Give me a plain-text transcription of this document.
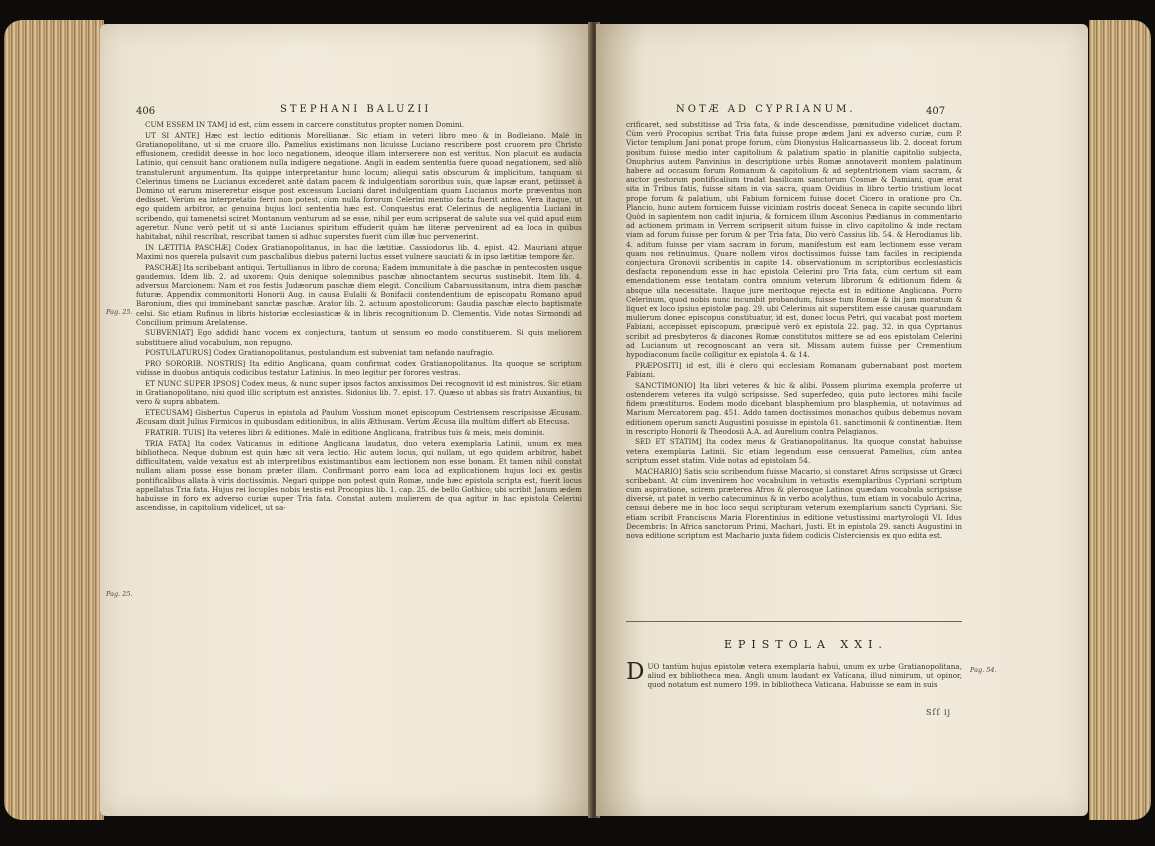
406	STEPHANI BALUZII
Pag. 25.
Pag. 25.

CUM ESSEM IN TAM] id est, cùm essem in carcere constitutus propter nomen Domini.

UT SI ANTE] Hæc est lectio editionis Morellianæ. Sic etiam in veteri libro meo & in Bodleiano. Malè in Gratianopolitano, ut si me cruore illo. Pamelius existimans non licuisse Luciano rescribere post cruorem pro Christo effusionem, credidit deesse in hoc loco negationem, ideoque illam interserere non est veritus. Non placuit ea audacia Latinio, qui censuit hanc orationem nulla indigere negatione. Angli in eadem sententia fuere quoad negationem, sed aliò transtulerunt argumentum. Ita quippe interpretantur hunc locum; aliequi satis obscurum & implicitum, tanquam si Celerinus timens ne Lucianus excederet antè datam pacem & indulgentiam sororibus suis, quæ lapsæ erant, petiisset à Domino ut earum misereretur eisque post excessum Luciani daret indulgentiam quam Lucianus morte præventus non dedisset. Verùm ea interpretatio ferri non potest, cùm nulla fororum Celerini mentio facta fuerit antea. Vera itaque, ut ego quidem arbitror, ac genuina hujus loci sententia hæc est. Conquestus erat Celerinus de negligentia Luciani in scribendo, qui tamenetsi sciret Montanum venturum ad se esse, nihil per eum scripserat de salute sua vel quid apud eum ageretur. Nunc verò petit ut si antè Lucianus spiritum effuderit quàm hæ literæ pervenirent ad ea loca in quibus habitabat, nihil rescribat, rescribat tamen si adhuc superstes fuerit cùm illæ huc pervenerint.

IN LÆTITIA PASCHÆ] Codex Gratianopolitanus, in hac die lætitiæ. Cassiodorus lib. 4. epist. 42. Mauriani atque Maximi nos querela pulsavit cum paschalibus diebus paterni luctus esset vulnere sauciati & in ipso lætitiæ tempore &c.

PASCHÆ] Ita scribebant antiqui. Tertullianus in libro de corona; Eadem immunitate à die paschæ in pentecosten usque gaudemus. Idem lib. 2. ad uxorem: Quis denique solemnibus paschæ abnoctantem securus sustinebit. Item lib. 4. adversus Marcionem: Nam et ros festis Judæorum paschæ diem elegit. Concilium Cabarsussitanum, intra diem paschæ futuræ. Appendix commonitorii Honorii Aug. in causa Eulalii & Bonifacii contendentium de episcopatu Romano apud Baronium, dies qui imminebant sanctæ paschæ. Arator lib. 2. actuum apostolicorum: Gaudia paschæ electo baptismate celsi. Sic etiam Rufinus in libris historiæ ecclesiasticæ & in libris recognitionum D. Clementis. Vide notas Sirmondi ad Concilium primum Arelatense.

SUBVENIAT] Ego addidi hanc vocem ex conjectura, tantum ut sensum eo modo constituerem. Si quis meliorem substituere aliud vocabulum, non repugno.

POSTULATURUS] Codex Gratianopolitanus, postulandum est subveniat tam nefando naufragio.

PRO SORORIB. NOSTRIS] Ita editio Anglicana, quam confirmat codex Gratianopolitanus. Ita quoque se scriptum vidisse in duobus antiquis codicibus testatur Latinius. In meo legitur per forores vestras.

ET NUNC SUPER IPSOS] Codex meus, & nunc super ipsos factos anxissimos Dei recognovit id est ministros. Sic etiam in Gratianopolitano, nisi quod illic scriptum est anxistes. Sidonius lib. 7. epist. 17. Quæso ut abbas sis fratri Auxantius, tu vero & supra abbatem.

ETECUSAM] Gisbertus Cuperus in epistola ad Paulum Vossium monet episcopum Cestriensem rescripsisse Æcusam. Æcusam dixit Julius Firmicus in quibusdam editionibus, in aliis Æthusam. Verùm Æcusa illa multùm differt ab Etecusa.

FRATRIB. TUIS] Ita veteres libri & editiones. Malè in editione Anglicana, fratribus tuis & meis, meis dominis.

TRIA FATA] Ita codex Vaticanus in editione Anglicana laudatus, duo vetera exemplaria Latinii, unum ex mea bibliotheca. Neque dubium est quin hæc sit vera lectio. Hic autem locus, qui nullam, ut ego quidem arbitror, habet difficultatem, valde vexatus est ab interpretibus existimantibus eam lectionem non esse bonam. Et tamen nihil constat nullam aliam posse esse bonam præter illam. Confirmant porro eam loca ad explicationem hujus loci ex gestis pontificalibus allata à viris doctissimis. Negari quippe non potest quin Romæ, unde hæc epistola scripta est, fuerit locus appellatus Tria fata. Hujus rei locuples nobis testis est Procopius lib. 1. cap. 25. de bello Gothico; ubi scribit Janum ædem habuisse in foro ex adverso curiæ super Tria fata. Constat autem mulierem de qua agitur in hac epistola Celerini ascendisse, in capitolium videlicet, ut sa-

NOTÆ AD CYPRIANUM.	407
Pag. 54.

crificaret, sed substitisse ad Tria fata, & inde descendisse, pœnitudine videlicet ductam. Cùm verò Procopius scribat Tria fata fuisse prope ædem Jani ex adverso curiæ, cum P. Victor templum Jani ponat prope forum, cùm Dionysius Halicarnasseus lib. 2. doceat forum positum fuisse medio inter capitolium & palatium spatio in planitie capitolio subjecta, Onuphrius autem Panvinius in descriptione urbis Romæ annotaverit montem palatinum habere ad occasum forum Romanum & capitolium & ad septentrionem viam sacram, & auctor gestorum pontificalium tradat basilicam sanctorum Cosmæ & Damiani, quæ erat sita in Tribus fatis, fuisse sitam in via sacra, quam Ovidius in libro tertio tristium locat prope forum & palatium, ubi Fabium fornicem fuisse docet Cicero in oratione pro Cn. Plancio, hunc autem fornicem fuisse viciniam rostris doceat Seneca in capite secundo libri Quòd in sapientem non cadit injuria, & fornicem illum Asconius Pædianus in commentario ad actionem primam in Verrem scripserit situm fuisse in clivo capitolino & inde rectam viam ad forum fuisse per forum & per Tria fata, Dio verò Cassius lib. 54. & Herodianus lib. 4. aditum fuisse per viam sacram in forum, manifestum est eam lectionem esse veram quam nos retinuimus. Quare nollem viros doctissimos fuisse tam faciles in recipienda conjectura Gronovii scribentis in capite 14. observationum in scriptoribus ecclesiasticis desfacta reponendum esse in hac epistola Celerini pro Tria fata, cùm certum sit eam emendationem esse tentatam contra omnium veterum librorum & editionum fidem & absque ulla necessitate. Itaque jure meritoque rejecta est in editione Anglicana. Porro Celerinum, quod nobis nunc incumbit probandum, fuisse tum Romæ & ibi jam moratum & liquet ex loco ipsius epistolæ pag. 29. ubi Celerinus ait superstitem esse causæ quarundam mulierum donec episcopus constituatur, id est, donec locus Petri, qui vacabat post mortem Fabiani, accepisset episcopum, præcipuè verò ex epistola 22. pag. 32. in qua Cyprianus scribit ad presbyteros & diacones Romæ constitutos mittere se ad eos epistolam Celerini ad Lucianum ut recognoscant an vera sit. Missam autem fuisse per Crementium hypodiaconum facile colligitur ex epistola 4. & 14.

PRÆPOSITI] id est, illi è clero qui ecclesiam Romanam gubernabant post mortem Fabiani.

SANCTIMONIO] Ita libri veteres & hic & alibi. Possem plurima exempla proferre ut ostenderem veteres ita vulgò scripsisse. Sed superfedeo, quia puto lectores mihi facile fidem præstituros. Eodem modo dicebant blasphemium pro blasphemia, ut notavimus ad Marium Mercatorem pag. 451. Addo tamen doctissimos monachos quibus debemus novam editionem operum sancti Augustini posuisse in epistola 61. sanctimonii & continentiæ. Item in rescripto Honorii & Theodosii A.A. ad Aurelium contra Pelagianos.

SED ET STATIM] Ita codex meus & Gratianopolitanus. Ita quoque constat habuisse vetera exemplaria Latinii. Sic etiam legendum esse censuerat Pamelius, cùm antea scriptum esset statim. Vide notas ad epistolam 54.

MACHARIO] Satis scio scribendum fuisse Macario, si constaret Afros scripsisse ut Græci scribebant. At cùm invenirem hoc vocabulum in vetustis exemplaribus Cypriani scriptum cum aspiratione, scirem præterea Afros & plerosque Latinos quædam vocabula scripsisse diversè, ut patet in verbo catecuminus & in verbo acolythus, tum etiam in vocabulo Acrina, censui debere me in hoc loco sequi scripturam veterum exemplarium sancti Cypriani. Sic etiam scribit Franciscus Maria Florentinius in editione vetustissimi martyrologii VI. Idus Decembris: In Africa sanctorum Primi, Machari, Justi. Et in epistola 29. sancti Augustini in nova editione scriptum est Machario juxta fidem codicis Cisterciensis ex quo edita est.

EPISTOLA XXI.
D UO tantùm hujus epistolæ vetera exemplaria habui, unum ex urbe Gratianopolitana, aliud ex bibliotheca mea. Angli unum laudant ex Vaticana, illud nimirum, ut opinor, quod notatum est numero 199. in bibliotheca Vaticana. Habuisse se eam in suis
Sſſ ij
